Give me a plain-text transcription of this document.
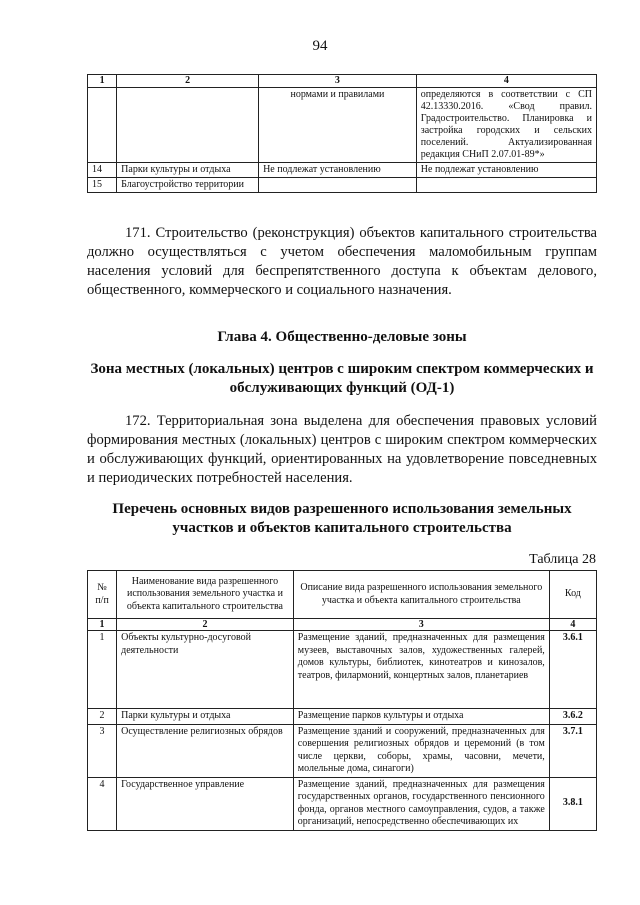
94
1	2	3	4
		нормами и правилами	определяются в соответствии с СП 42.13330.2016. «Свод правил. Градостроительство. Планировка и застройка городских и сельских поселений. Актуализированная редакция СНиП 2.07.01-89*»
14	Парки культуры и отдыха	Не подлежат установлению	Не подлежат установлению
15	Благоустройство территории		
171. Строительство (реконструкция) объектов капитального строительства должно осуществляться с учетом обеспечения маломобильным группам населения условий для беспрепятственного доступа к объектам делового, общественного, коммерческого и социального назначения.
Глава 4. Общественно-деловые зоны
Зона местных (локальных) центров с широким спектром коммерческих и обслуживающих функций (ОД-1)
172. Территориальная зона выделена для обеспечения правовых условий формирования местных (локальных) центров с широким спектром коммерческих и обслуживающих функций, ориентированных на удовлетворение повседневных и периодических потребностей населения.
Перечень основных видов разрешенного использования земельных участков и объектов капитального строительства
Таблица 28
№ п/п	Наименование вида разрешенного использования земельного участка и объекта капитального строительства	Описание вида разрешенного использования земельного участка и объекта капитального строительства	Код
1	2	3	4
1	Объекты культурно-досуговой деятельности	Размещение зданий, предназначенных для размещения музеев, выставочных залов, художественных галерей, домов культуры, библиотек, кинотеатров и кинозалов, театров, филармоний, концертных залов, планетариев	3.6.1
2	Парки культуры и отдыха	Размещение парков культуры и отдыха	3.6.2
3	Осуществление религиозных обрядов	Размещение зданий и сооружений, предназначенных для совершения религиозных обрядов и церемоний (в том числе церкви, соборы, храмы, часовни, мечети, молельные дома, синагоги)	3.7.1
4	Государственное управление	Размещение зданий, предназначенных для размещения государственных органов, государственного пенсионного фонда, органов местного самоуправления, судов, а также организаций, непосредственно обеспечивающих их	3.8.1
